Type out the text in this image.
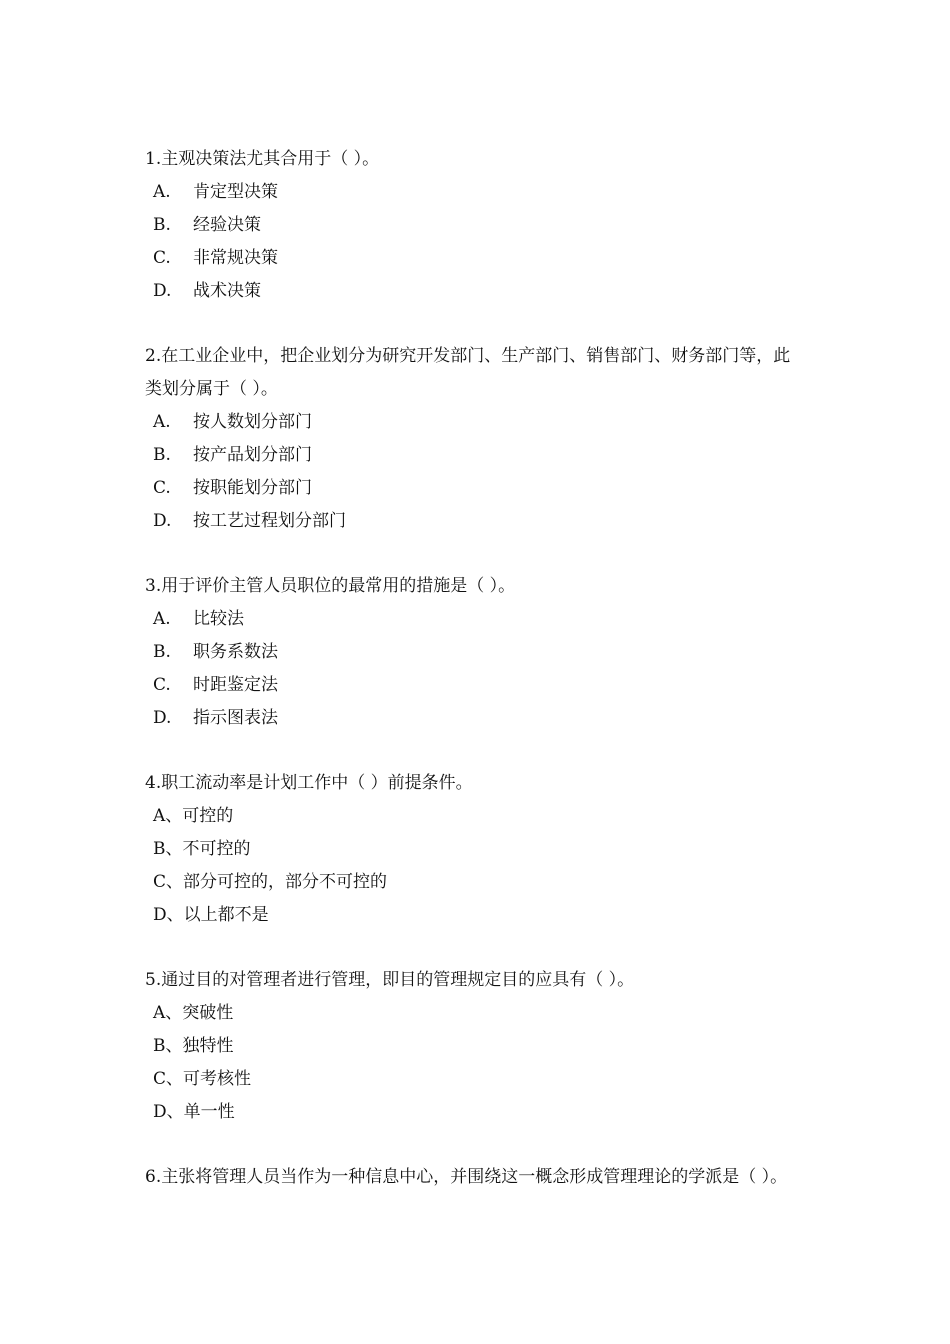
1.主观决策法尤其合用于（ ）。

A. 肯定型决策
B. 经验决策
C. 非常规决策
D. 战术决策

2.在工业企业中，把企业划分为研究开发部门、生产部门、销售部门、财务部门等，此类划分属于（ ）。

A. 按人数划分部门
B. 按产品划分部门
C. 按职能划分部门
D. 按工艺过程划分部门

3.用于评价主管人员职位的最常用的措施是（ ）。

A. 比较法
B. 职务系数法
C. 时距鉴定法
D. 指示图表法

4.职工流动率是计划工作中（ ）前提条件。

A、可控的
B、不可控的
C、部分可控的，部分不可控的
D、以上都不是

5.通过目的对管理者进行管理，即目的管理规定目的应具有（ ）。

A、突破性
B、独特性
C、可考核性
D、单一性

6.主张将管理人员当作为一种信息中心，并围绕这一概念形成管理理论的学派是（ ）。
